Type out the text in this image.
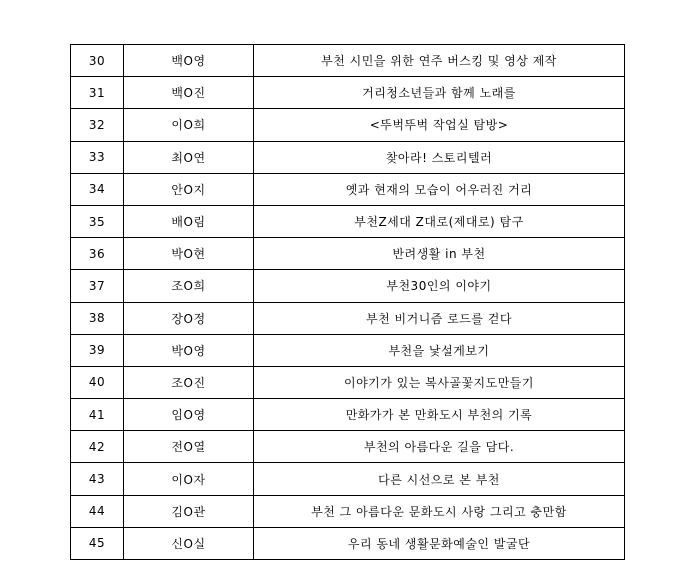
30	백O영	부천 시민을 위한 연주 버스킹 및 영상 제작
31	백O진	거리청소년들과 함께 노래를
32	이O희	<뚜벅뚜벅 작업실 탐방>
33	최O연	찾아라! 스토리텔러
34	안O지	옛과 현재의 모습이 어우러진 거리
35	배O림	부천Z세대 Z대로(제대로) 탐구
36	박O현	반려생활 in 부천
37	조O희	부천30인의 이야기
38	장O정	부천 비거니즘 로드를 걷다
39	박O영	부천을 낯설게보기
40	조O진	이야기가 있는 복사골꽃지도만들기
41	임O영	만화가가 본 만화도시 부천의 기록
42	전O열	부천의 아름다운 길을 담다.
43	이O자	다른 시선으로 본 부천
44	김O관	부천 그 아름다운 문화도시 사랑 그리고 충만함
45	신O실	우리 동네 생활문화예술인 발굴단
